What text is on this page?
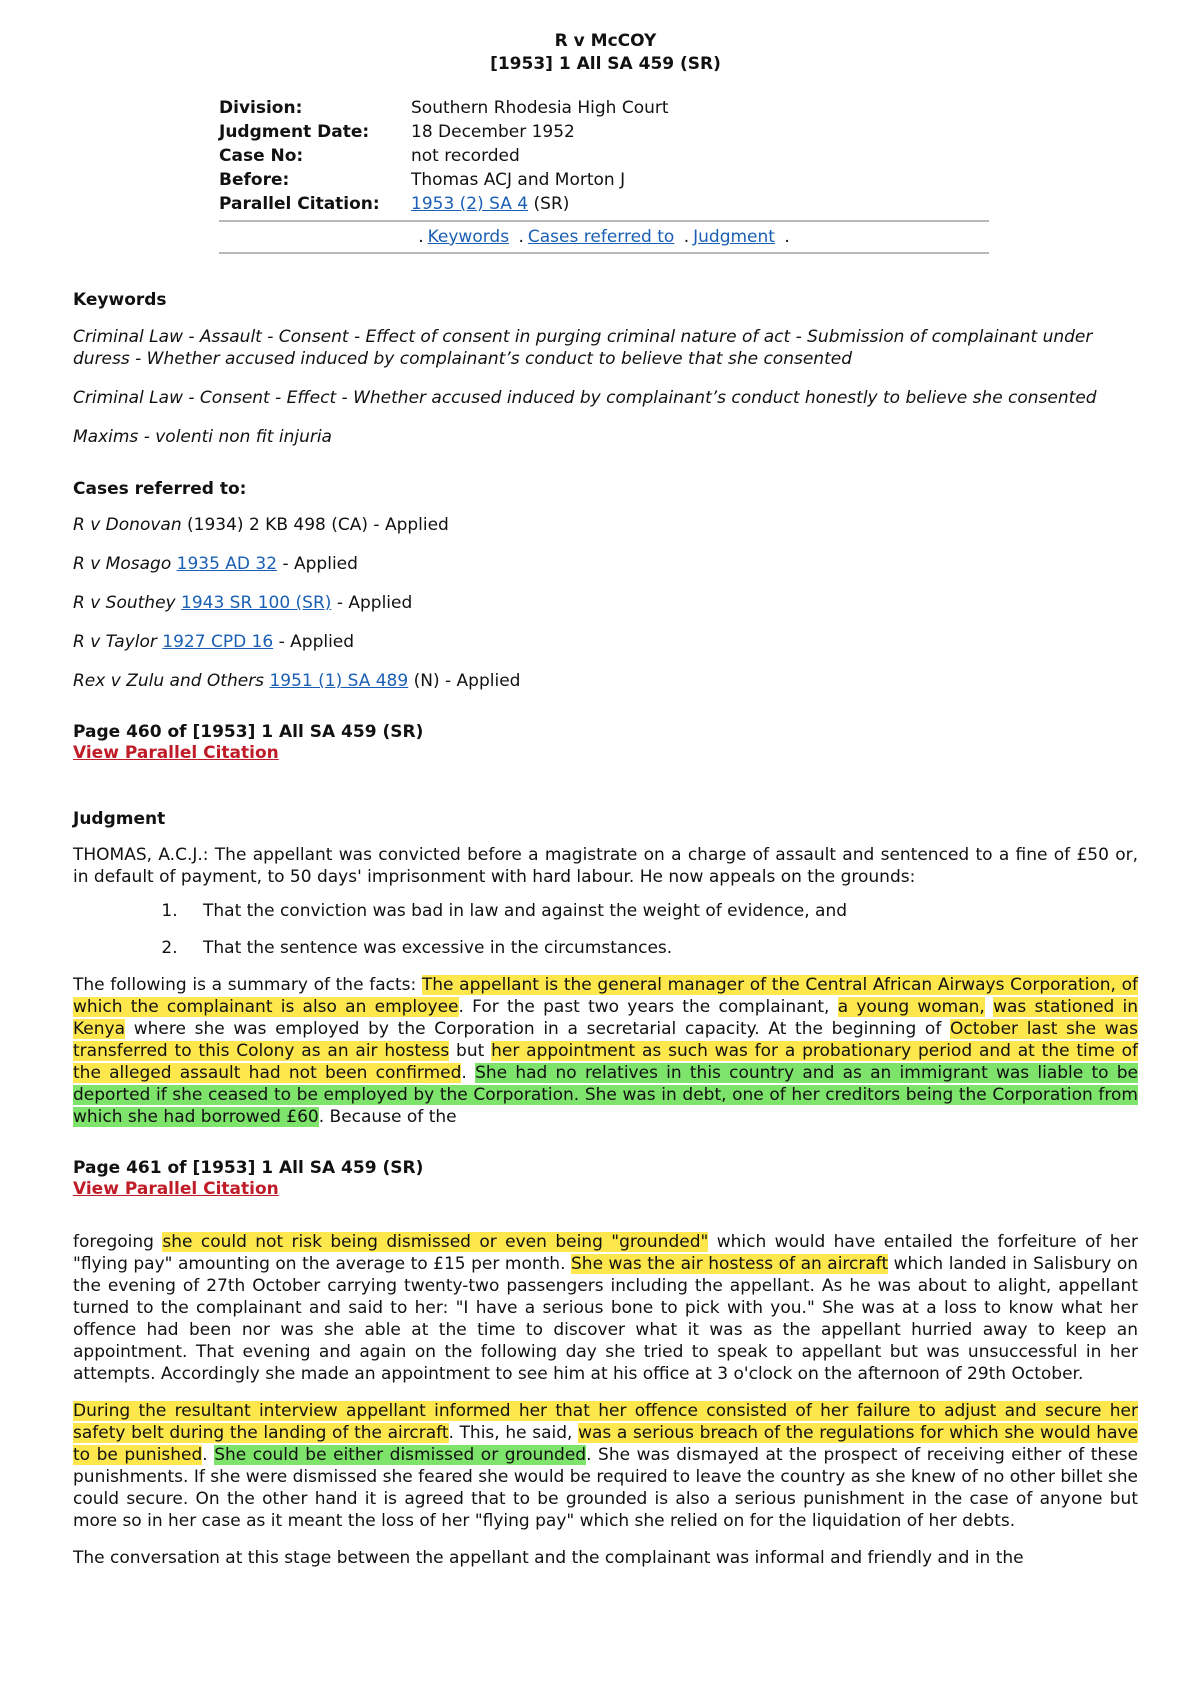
R v McCOY
[1953] 1 All SA 459 (SR)
Division:	Southern Rhodesia High Court
Judgment Date:	18 December 1952
Case No:	not recorded
Before:	Thomas ACJ and Morton J
Parallel Citation:	1953 (2) SA 4 (SR)
. Keywords . Cases referred to . Judgment .
Keywords

Criminal Law - Assault - Consent - Effect of consent in purging criminal nature of act - Submission of complainant under duress - Whether accused induced by complainant’s conduct to believe that she consented

Criminal Law - Consent - Effect - Whether accused induced by complainant’s conduct honestly to believe she consented

Maxims - volenti non fit injuria

Cases referred to:

R v Donovan (1934) 2 KB 498 (CA) - Applied

R v Mosago 1935 AD 32 - Applied

R v Southey 1943 SR 100 (SR) - Applied

R v Taylor 1927 CPD 16 - Applied

Rex v Zulu and Others 1951 (1) SA 489 (N) - Applied

Page 460 of [1953] 1 All SA 459 (SR)
View Parallel Citation
Judgment

THOMAS, A.C.J.: The appellant was convicted before a magistrate on a charge of assault and sentenced to a fine of £50 or, in default of payment, to 50 days' imprisonment with hard labour. He now appeals on the grounds:

1. That the conviction was bad in law and against the weight of evidence, and
2. That the sentence was excessive in the circumstances.

The following is a summary of the facts: The appellant is the general manager of the Central African Airways Corporation, of which the complainant is also an employee. For the past two years the complainant, a young woman, was stationed in Kenya where she was employed by the Corporation in a secretarial capacity. At the beginning of October last she was transferred to this Colony as an air hostess but her appointment as such was for a probationary period and at the time of the alleged assault had not been confirmed. She had no relatives in this country and as an immigrant was liable to be deported if she ceased to be employed by the Corporation. She was in debt, one of her creditors being the Corporation from which she had borrowed £60. Because of the

Page 461 of [1953] 1 All SA 459 (SR)
View Parallel Citation

foregoing she could not risk being dismissed or even being "grounded" which would have entailed the forfeiture of her "flying pay" amounting on the average to £15 per month. She was the air hostess of an aircraft which landed in Salisbury on the evening of 27th October carrying twenty-two passengers including the appellant. As he was about to alight, appellant turned to the complainant and said to her: "I have a serious bone to pick with you." She was at a loss to know what her offence had been nor was she able at the time to discover what it was as the appellant hurried away to keep an appointment. That evening and again on the following day she tried to speak to appellant but was unsuccessful in her attempts. Accordingly she made an appointment to see him at his office at 3 o'clock on the afternoon of 29th October.

During the resultant interview appellant informed her that her offence consisted of her failure to adjust and secure her safety belt during the landing of the aircraft. This, he said, was a serious breach of the regulations for which she would have to be punished. She could be either dismissed or grounded. She was dismayed at the prospect of receiving either of these punishments. If she were dismissed she feared she would be required to leave the country as she knew of no other billet she could secure. On the other hand it is agreed that to be grounded is also a serious punishment in the case of anyone but more so in her case as it meant the loss of her "flying pay" which she relied on for the liquidation of her debts.

The conversation at this stage between the appellant and the complainant was informal and friendly and in the
